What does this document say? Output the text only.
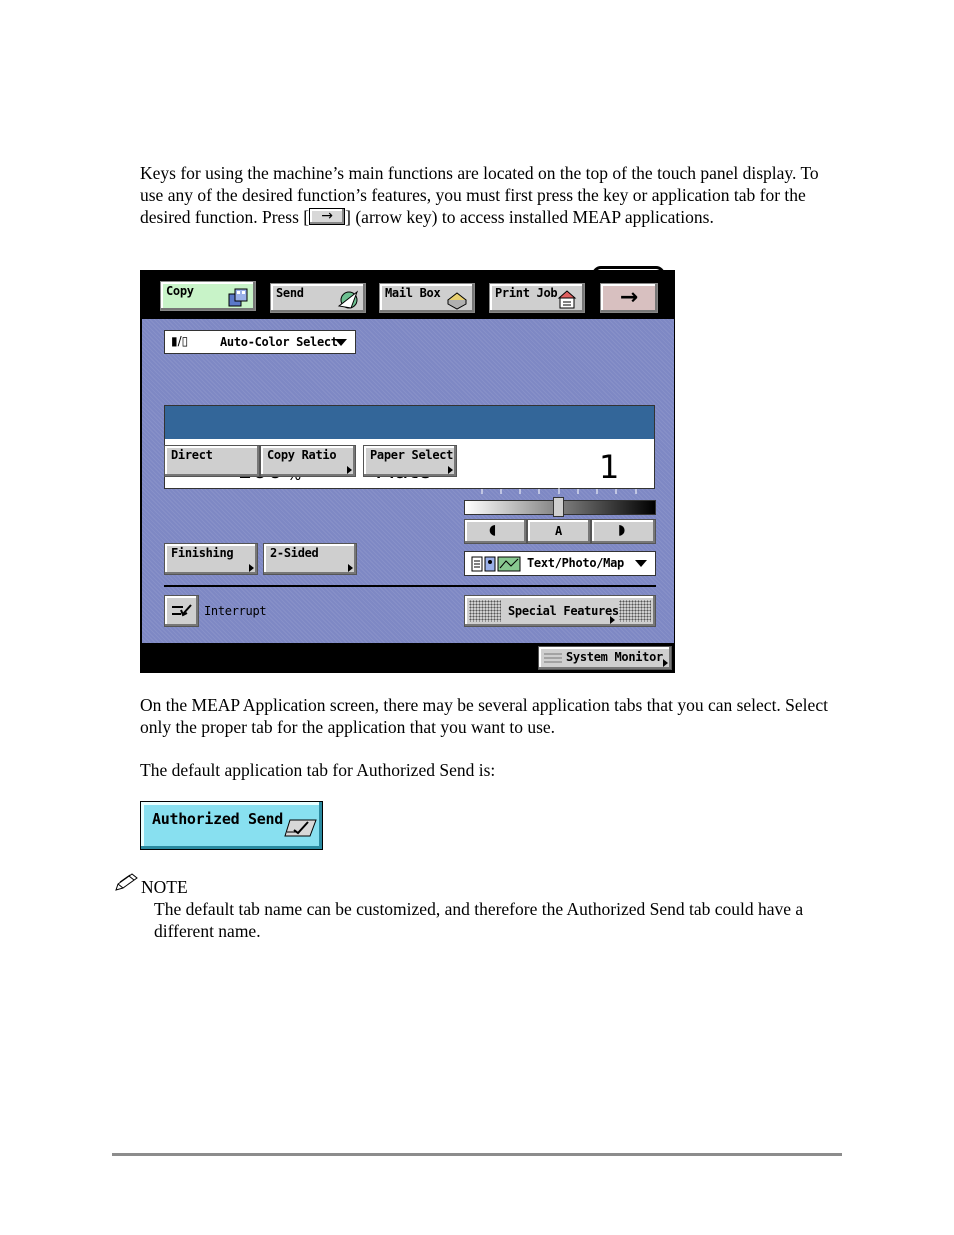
Keys for using the machine’s main functions are located on the top of the touch panel display. To use any of the desired function’s features, you must first press the key or application tab for the desired function. Press [ → ] (arrow key) to access installed MEAP applications.
Copy	Send	Mail Box	Print Job	→
▮/▯	Auto-Color Select
1
Direct	Copy Ratio	Paper Select
◖	A	◗
Text/Photo/Map
Finishing	2-Sided
Interrupt	Special Features
System Monitor
On the MEAP Application screen, there may be several application tabs that you can select. Select only the proper tab for the application that you want to use.
The default application tab for Authorized Send is:
Authorized Send
NOTE
The default tab name can be customized, and therefore the Authorized Send tab could have a different name.
